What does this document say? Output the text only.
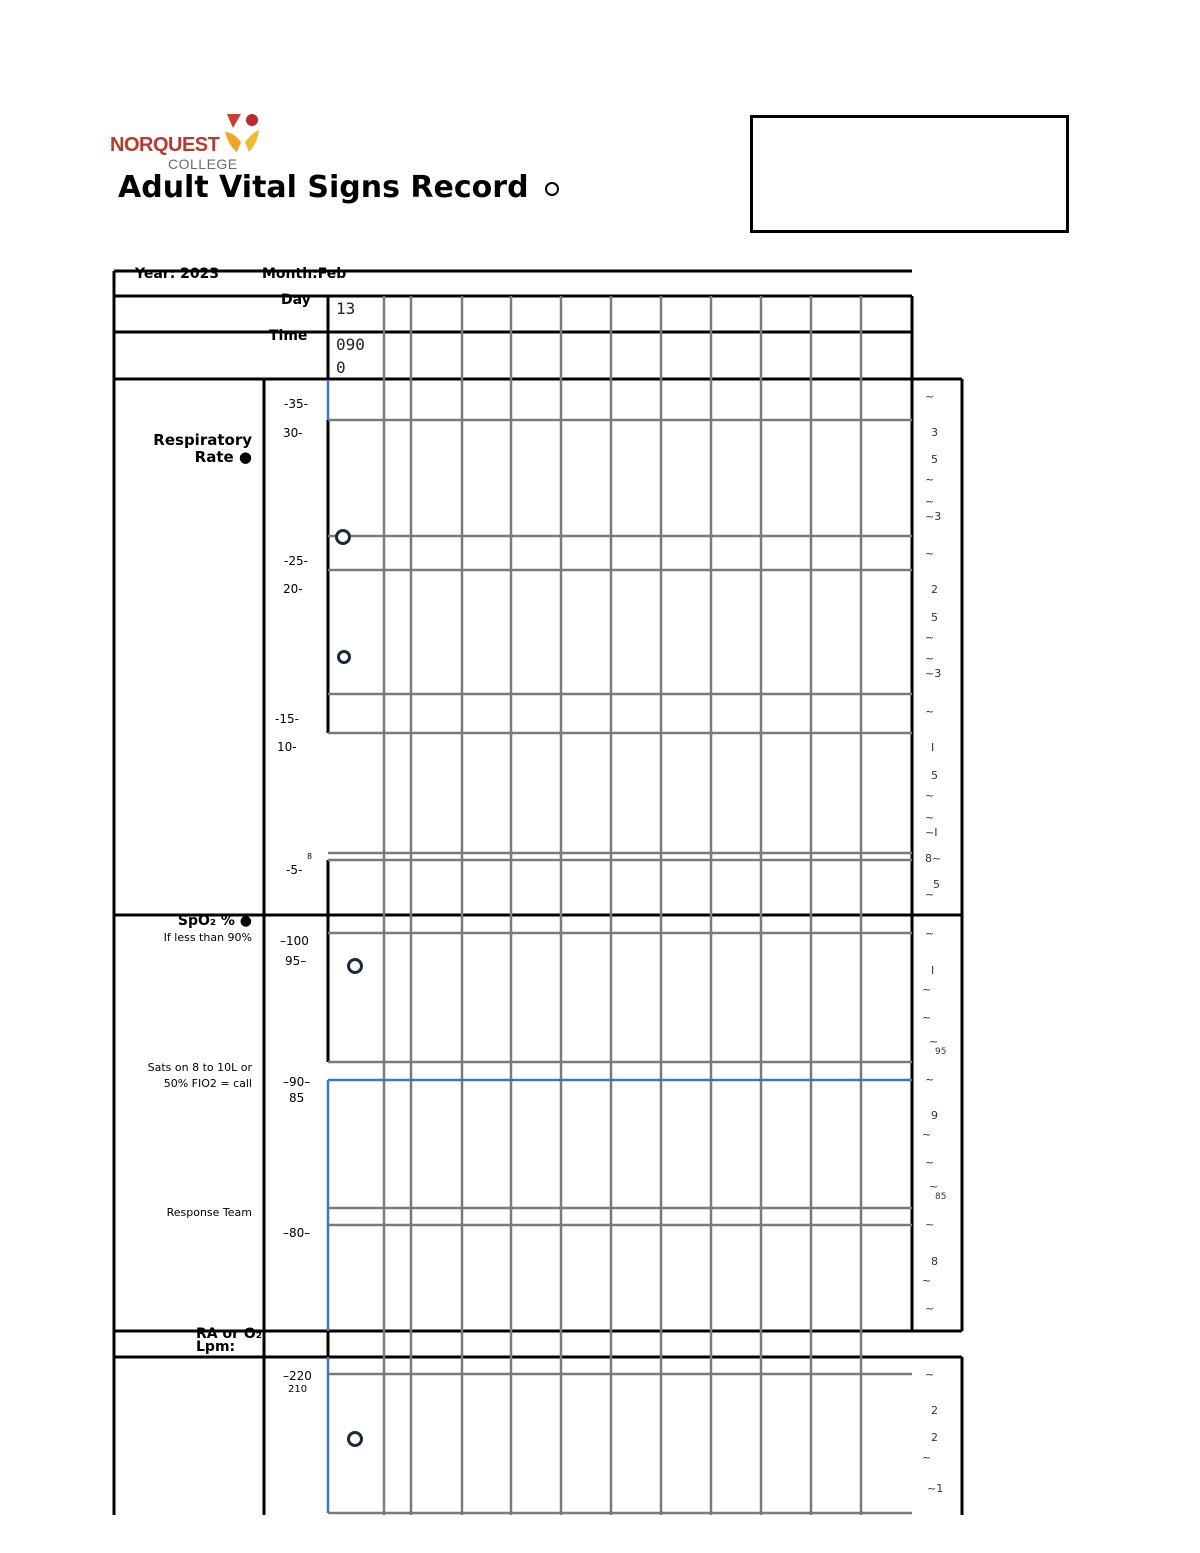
NORQUEST
COLLEGE
Adult Vital Signs Record
Year: 2023	Month:Feb
Day
Time
13
090
0
Respiratory
Rate ●
-35-
30-
-25-
20-
-15-
10-
-5-
8
~
3
5
~
~
~3
~
2
5
~
~
~3
~
I
5
~
~
~I
8~
5
~
SpO₂ % ●
If less than 90%
Sats on 8 to 10L or
50% FIO2 = call
Response Team
–100
95–
–90–
85
–80–
~
I
~
~
~
95
~
9
~
~
~
85
~
8
~
~
RA or O₂
Lpm:
–220
210
~
2
2
~
~1
